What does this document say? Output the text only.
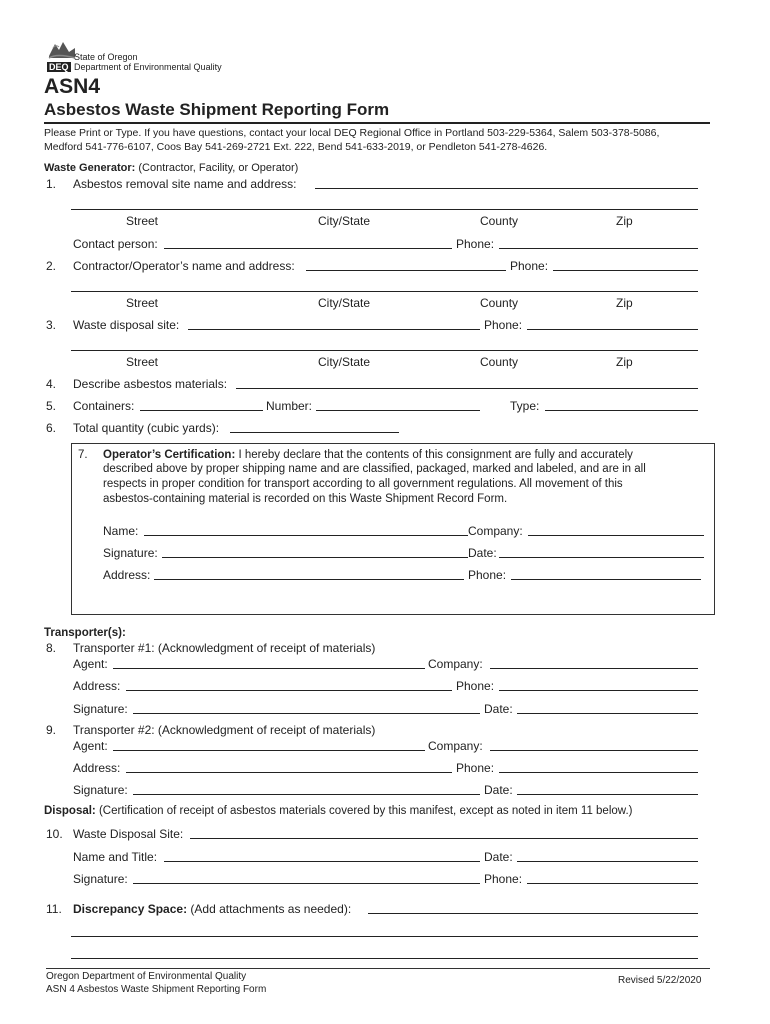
State of Oregon
DEQ Department of Environmental Quality
ASN4
Asbestos Waste Shipment Reporting Form
Please Print or Type. If you have questions, contact your local DEQ Regional Office in Portland 503-229-5364, Salem 503-378-5086,
Medford 541-776-6107, Coos Bay 541-269-2721 Ext. 222, Bend 541-633-2019, or Pendleton 541-278-4626.
Waste Generator: (Contractor, Facility, or Operator)
1. Asbestos removal site name and address:
Street	City/State	County	Zip
Contact person:	Phone:
2. Contractor/Operator’s name and address:	Phone:
Street	City/State	County	Zip
3. Waste disposal site:	Phone:
Street	City/State	County	Zip
4. Describe asbestos materials:
5. Containers:	Number:	Type:
6. Total quantity (cubic yards):
7. Operator’s Certification: I hereby declare that the contents of this consignment are fully and accurately
described above by proper shipping name and are classified, packaged, marked and labeled, and are in all
respects in proper condition for transport according to all government regulations. All movement of this
asbestos-containing material is recorded on this Waste Shipment Record Form.
Name:	Company:
Signature:	Date:
Address:	Phone:
Transporter(s):
8. Transporter #1: (Acknowledgment of receipt of materials)
Agent:	Company:
Address:	Phone:
Signature:	Date:
9. Transporter #2: (Acknowledgment of receipt of materials)
Agent:	Company:
Address:	Phone:
Signature:	Date:
Disposal: (Certification of receipt of asbestos materials covered by this manifest, except as noted in item 11 below.)
10. Waste Disposal Site:
Name and Title:	Date:
Signature:	Phone:
11. Discrepancy Space: (Add attachments as needed):
Oregon Department of Environmental Quality
ASN 4 Asbestos Waste Shipment Reporting Form
Revised 5/22/2020
